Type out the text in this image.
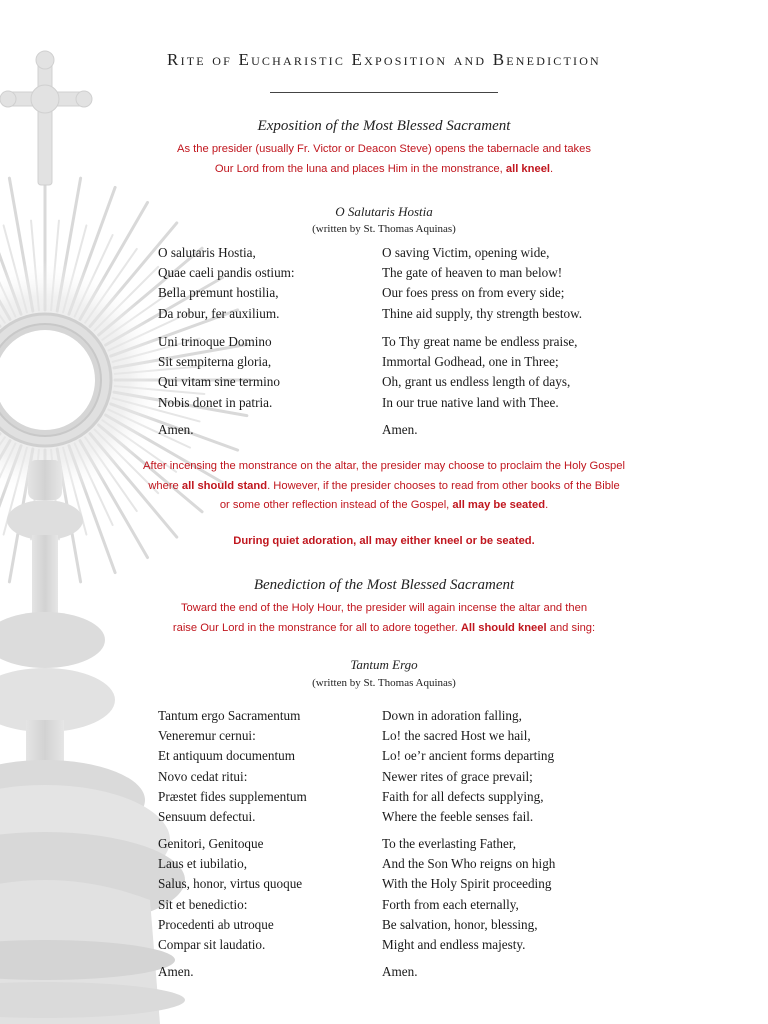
Rite of Eucharistic Exposition and Benediction
Exposition of the Most Blessed Sacrament
As the presider (usually Fr. Victor or Deacon Steve) opens the tabernacle and takes
Our Lord from the luna and places Him in the monstrance, all kneel.
O Salutaris Hostia
(written by St. Thomas Aquinas)
O salutaris Hostia,
Quae caeli pandis ostium:
Bella premunt hostilia,
Da robur, fer auxilium.
O saving Victim, opening wide,
The gate of heaven to man below!
Our foes press on from every side;
Thine aid supply, thy strength bestow.
Uni trinoque Domino
Sit sempiterna gloria,
Qui vitam sine termino
Nobis donet in patria.
To Thy great name be endless praise,
Immortal Godhead, one in Three;
Oh, grant us endless length of days,
In our true native land with Thee.
Amen.	Amen.
After incensing the monstrance on the altar, the presider may choose to proclaim the Holy Gospel
where all should stand. However, if the presider chooses to read from other books of the Bible
or some other reflection instead of the Gospel, all may be seated.
During quiet adoration, all may either kneel or be seated.
Benediction of the Most Blessed Sacrament
Toward the end of the Holy Hour, the presider will again incense the altar and then
raise Our Lord in the monstrance for all to adore together. All should kneel and sing:
Tantum Ergo
(written by St. Thomas Aquinas)
Tantum ergo Sacramentum
Veneremur cernui:
Et antiquum documentum
Novo cedat ritui:
Præstet fides supplementum
Sensuum defectui.
Down in adoration falling,
Lo! the sacred Host we hail,
Lo! oe’r ancient forms departing
Newer rites of grace prevail;
Faith for all defects supplying,
Where the feeble senses fail.
Genitori, Genitoque
Laus et iubilatio,
Salus, honor, virtus quoque
Sit et benedictio:
Procedenti ab utroque
Compar sit laudatio.
To the everlasting Father,
And the Son Who reigns on high
With the Holy Spirit proceeding
Forth from each eternally,
Be salvation, honor, blessing,
Might and endless majesty.
Amen.	Amen.
